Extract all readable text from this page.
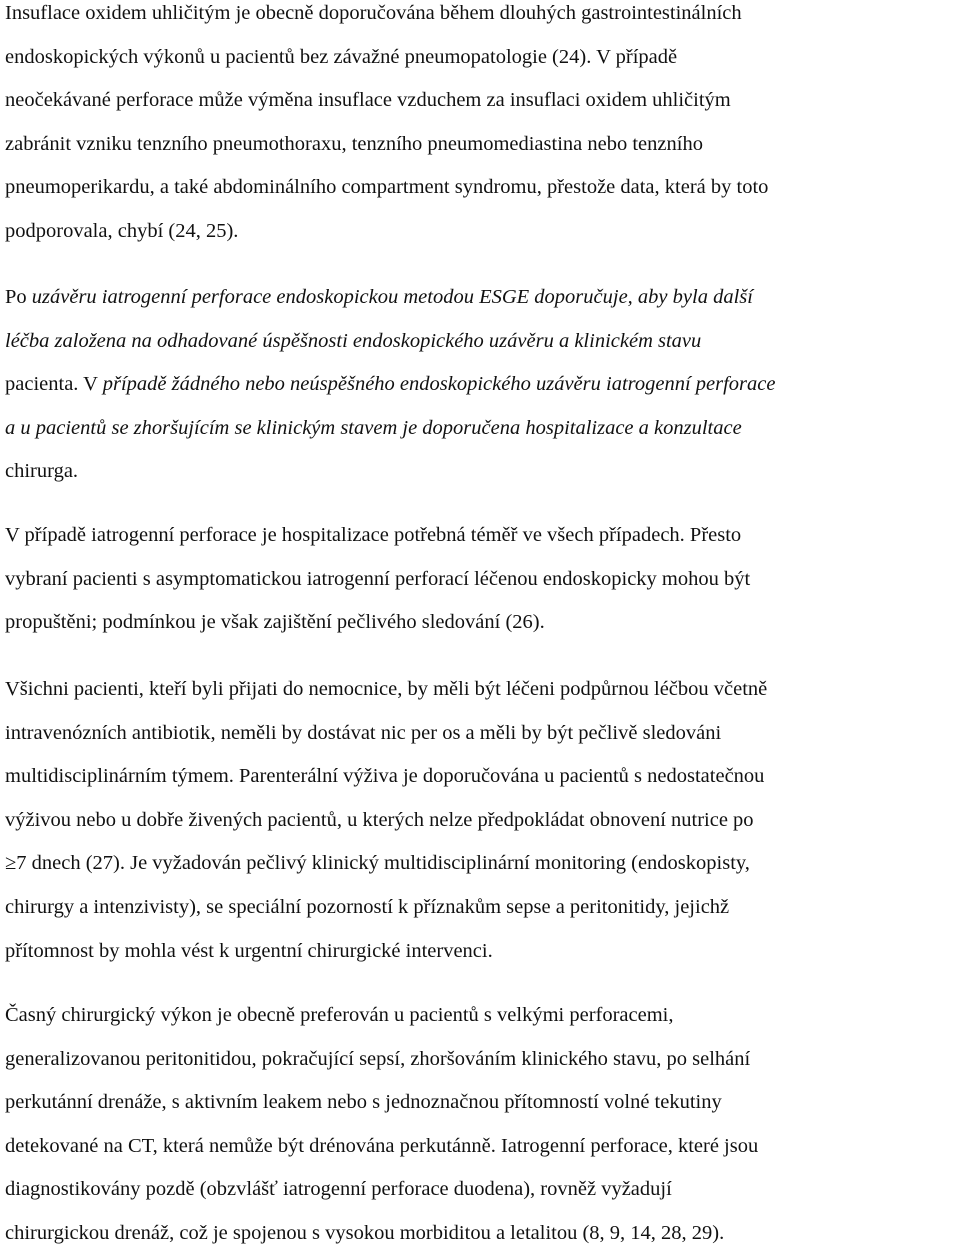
Insuflace oxidem uhličitým je obecně doporučována během dlouhých gastrointestinálních
endoskopických výkonů u pacientů bez závažné pneumopatologie (24). V případě
neočekávané perforace může výměna insuflace vzduchem za insuflaci oxidem uhličitým
zabránit vzniku tenzního pneumothoraxu, tenzního pneumomediastina nebo tenzního
pneumoperikardu, a také abdominálního compartment syndromu, přestože data, která by toto
podporovala, chybí (24, 25).
Po uzávěru iatrogenní perforace endoskopickou metodou ESGE doporučuje, aby byla další
léčba založena na odhadované úspěšnosti endoskopického uzávěru a klinickém stavu
pacienta. V případě žádného nebo neúspěšného endoskopického uzávěru iatrogenní perforace
a u pacientů se zhoršujícím se klinickým stavem je doporučena hospitalizace a konzultace
chirurga.
V případě iatrogenní perforace je hospitalizace potřebná téměř ve všech případech. Přesto
vybraní pacienti s asymptomatickou iatrogenní perforací léčenou endoskopicky mohou být
propuštěni; podmínkou je však zajištění pečlivého sledování (26).
Všichni pacienti, kteří byli přijati do nemocnice, by měli být léčeni podpůrnou léčbou včetně
intravenózních antibiotik, neměli by dostávat nic per os a měli by být pečlivě sledováni
multidisciplinárním týmem. Parenterální výživa je doporučována u pacientů s nedostatečnou
výživou nebo u dobře živených pacientů, u kterých nelze předpokládat obnovení nutrice po
≥7 dnech (27). Je vyžadován pečlivý klinický multidisciplinární monitoring (endoskopisty,
chirurgy a intenzivisty), se speciální pozorností k příznakům sepse a peritonitidy, jejichž
přítomnost by mohla vést k urgentní chirurgické intervenci.
Časný chirurgický výkon je obecně preferován u pacientů s velkými perforacemi,
generalizovanou peritonitidou, pokračující sepsí, zhoršováním klinického stavu, po selhání
perkutánní drenáže, s aktivním leakem nebo s jednoznačnou přítomností volné tekutiny
detekované na CT, která nemůže být drénována perkutánně. Iatrogenní perforace, které jsou
diagnostikovány pozdě (obzvlášť iatrogenní perforace duodena), rovněž vyžadují
chirurgickou drenáž, což je spojenou s vysokou morbiditou a letalitou (8, 9, 14, 28, 29).
